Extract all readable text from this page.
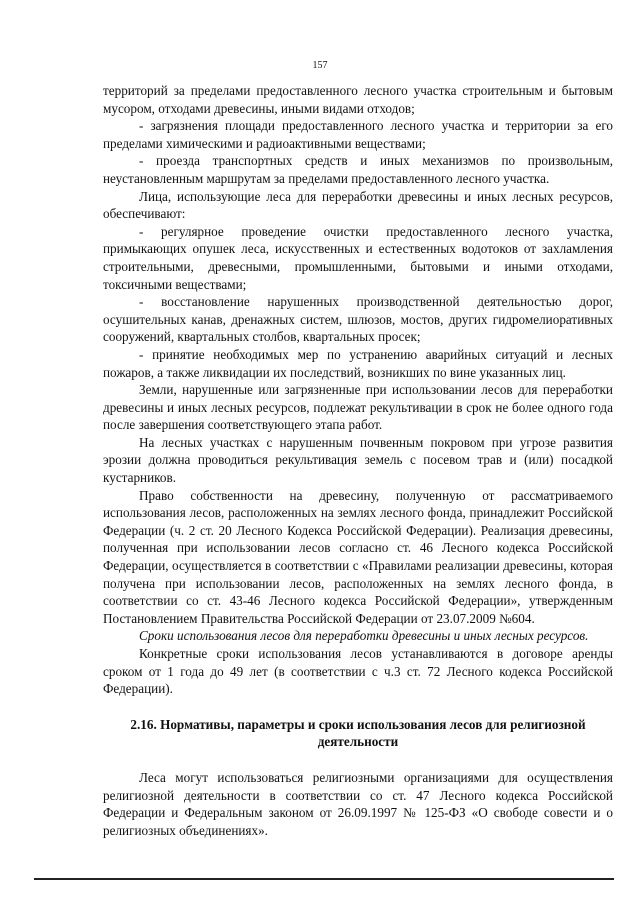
157

территорий за пределами предоставленного лесного участка строительным и бытовым мусором, отходами древесины, иными видами отходов;

- загрязнения площади предоставленного лесного участка и территории за его пределами химическими и радиоактивными веществами;

- проезда транспортных средств и иных механизмов по произвольным, неустановленным маршрутам за пределами предоставленного лесного участка.

Лица, использующие леса для переработки древесины и иных лесных ресурсов, обеспечивают:

- регулярное проведение очистки предоставленного лесного участка, примыкающих опушек леса, искусственных и естественных водотоков от захламления строительными, древесными, промышленными, бытовыми и иными отходами, токсичными веществами;

- восстановление нарушенных производственной деятельностью дорог, осушительных канав, дренажных систем, шлюзов, мостов, других гидромелиоративных сооружений, квартальных столбов, квартальных просек;

- принятие необходимых мер по устранению аварийных ситуаций и лесных пожаров, а также ликвидации их последствий, возникших по вине указанных лиц.

Земли, нарушенные или загрязненные при использовании лесов для переработки древесины и иных лесных ресурсов, подлежат рекультивации в срок не более одного года после завершения соответствующего этапа работ.

На лесных участках с нарушенным почвенным покровом при угрозе развития эрозии должна проводиться рекультивация земель с посевом трав и (или) посадкой кустарников.

Право собственности на древесину, полученную от рассматриваемого использования лесов, расположенных на землях лесного фонда, принадлежит Российской Федерации (ч. 2 ст. 20 Лесного Кодекса Российской Федерации). Реализация древесины, полученная при использовании лесов согласно ст. 46 Лесного кодекса Российской Федерации, осуществляется в соответствии с «Правилами реализации древесины, которая получена при использовании лесов, расположенных на землях лесного фонда, в соответствии со ст. 43-46 Лесного кодекса Российской Федерации», утвержденным Постановлением Правительства Российской Федерации от 23.07.2009 №604.

Сроки использования лесов для переработки древесины и иных лесных ресурсов.

Конкретные сроки использования лесов устанавливаются в договоре аренды сроком от 1 года до 49 лет (в соответствии с ч.3 ст. 72 Лесного кодекса Российской Федерации).

2.16. Нормативы, параметры и сроки использования лесов для религиозной деятельности

Леса могут использоваться религиозными организациями для осуществления религиозной деятельности в соответствии со ст. 47 Лесного кодекса Российской Федерации и Федеральным законом от 26.09.1997 № 125-ФЗ «О свободе совести и о религиозных объединениях».
